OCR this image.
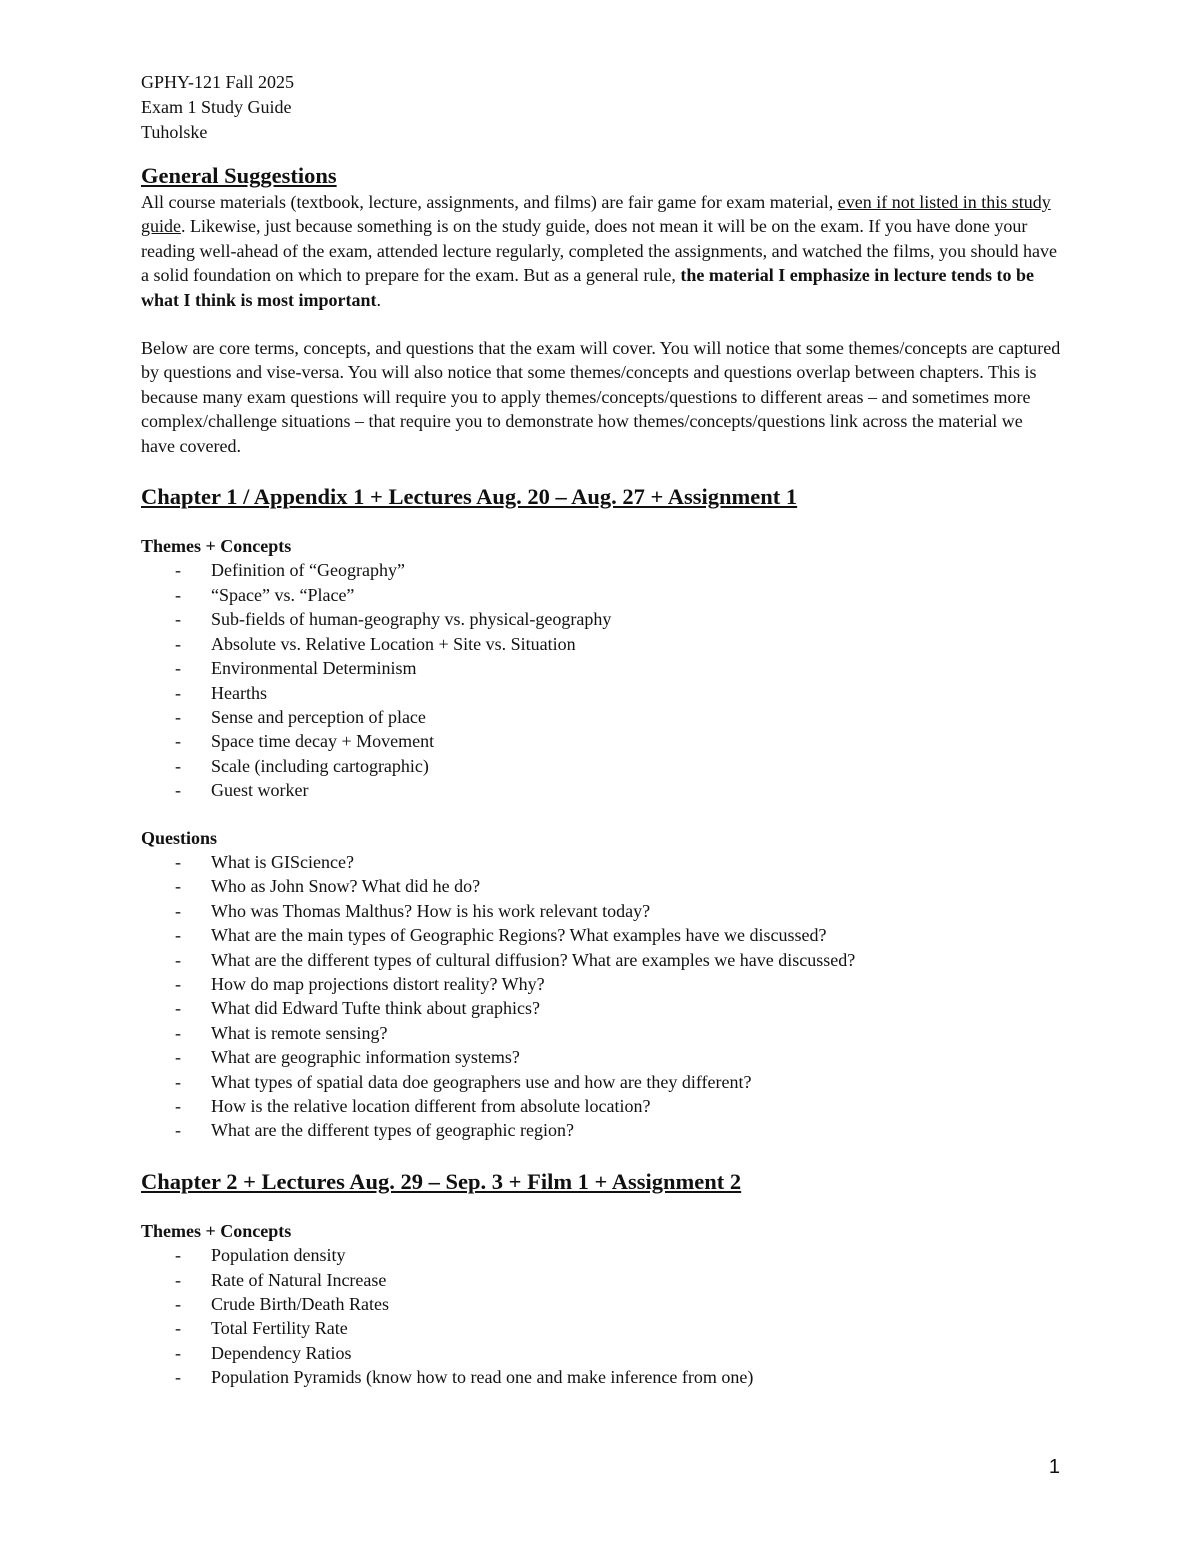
GPHY-121 Fall 2025

Exam 1 Study Guide

Tuholske

General Suggestions

All course materials (textbook, lecture, assignments, and films) are fair game for exam material, even if not listed in this study guide. Likewise, just because something is on the study guide, does not mean it will be on the exam. If you have done your reading well-ahead of the exam, attended lecture regularly, completed the assignments, and watched the films, you should have a solid foundation on which to prepare for the exam. But as a general rule, the material I emphasize in lecture tends to be what I think is most important.

Below are core terms, concepts, and questions that the exam will cover. You will notice that some themes/concepts are captured by questions and vise-versa. You will also notice that some themes/concepts and questions overlap between chapters. This is because many exam questions will require you to apply themes/concepts/questions to different areas – and sometimes more complex/challenge situations – that require you to demonstrate how themes/concepts/questions link across the material we have covered.

Chapter 1 / Appendix 1 + Lectures Aug. 20 – Aug. 27 + Assignment 1

Themes + Concepts

- Definition of “Geography”
- “Space” vs. “Place”
- Sub-fields of human-geography vs. physical-geography
- Absolute vs. Relative Location + Site vs. Situation
- Environmental Determinism
- Hearths
- Sense and perception of place
- Space time decay + Movement
- Scale (including cartographic)
- Guest worker

Questions

- What is GIScience?
- Who as John Snow? What did he do?
- Who was Thomas Malthus? How is his work relevant today?
- What are the main types of Geographic Regions? What examples have we discussed?
- What are the different types of cultural diffusion? What are examples we have discussed?
- How do map projections distort reality? Why?
- What did Edward Tufte think about graphics?
- What is remote sensing?
- What are geographic information systems?
- What types of spatial data doe geographers use and how are they different?
- How is the relative location different from absolute location?
- What are the different types of geographic region?
Chapter 2 + Lectures Aug. 29 – Sep. 3 + Film 1 + Assignment 2

Themes + Concepts

- Population density
- Rate of Natural Increase
- Crude Birth/Death Rates
- Total Fertility Rate
- Dependency Ratios
- Population Pyramids (know how to read one and make inference from one)
1
